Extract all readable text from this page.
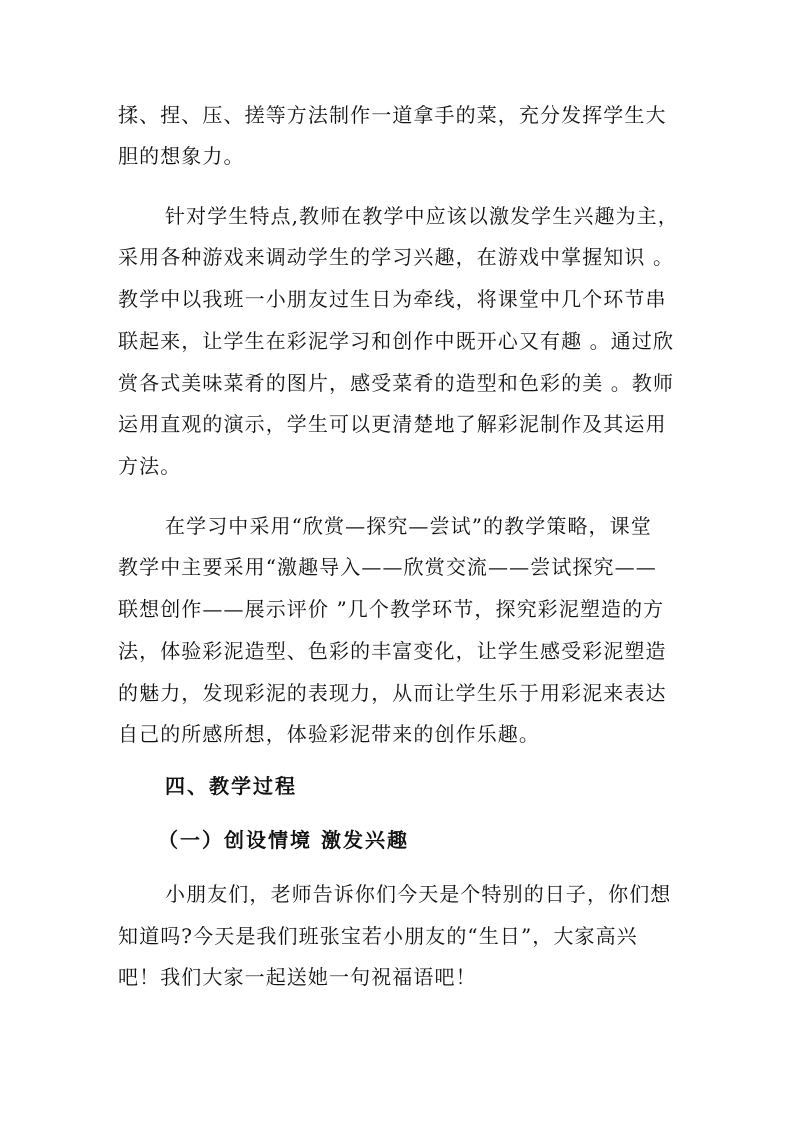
揉、捏、压、搓等方法制作一道拿手的菜，充分发挥学生大

胆的想象力。

针对学生特点,教师在教学中应该以激发学生兴趣为主，

采用各种游戏来调动学生的学习兴趣，在游戏中掌握知识 。

教学中以我班一小朋友过生日为牵线，将课堂中几个环节串

联起来，让学生在彩泥学习和创作中既开心又有趣 。通过欣

赏各式美味菜肴的图片，感受菜肴的造型和色彩的美 。教师

运用直观的演示，学生可以更清楚地了解彩泥制作及其运用

方法。

在学习中采用“欣赏—探究—尝试”的教学策略，课堂

教学中主要采用“激趣导入——欣赏交流——尝试探究——

联想创作——展示评价 ”几个教学环节，探究彩泥塑造的方

法，体验彩泥造型、色彩的丰富变化，让学生感受彩泥塑造

的魅力，发现彩泥的表现力，从而让学生乐于用彩泥来表达

自己的所感所想，体验彩泥带来的创作乐趣。

四、教学过程

（一）创设情境 激发兴趣

小朋友们，老师告诉你们今天是个特别的日子，你们想

知道吗?今天是我们班张宝若小朋友的“生日”，大家高兴

吧！我们大家一起送她一句祝福语吧！
